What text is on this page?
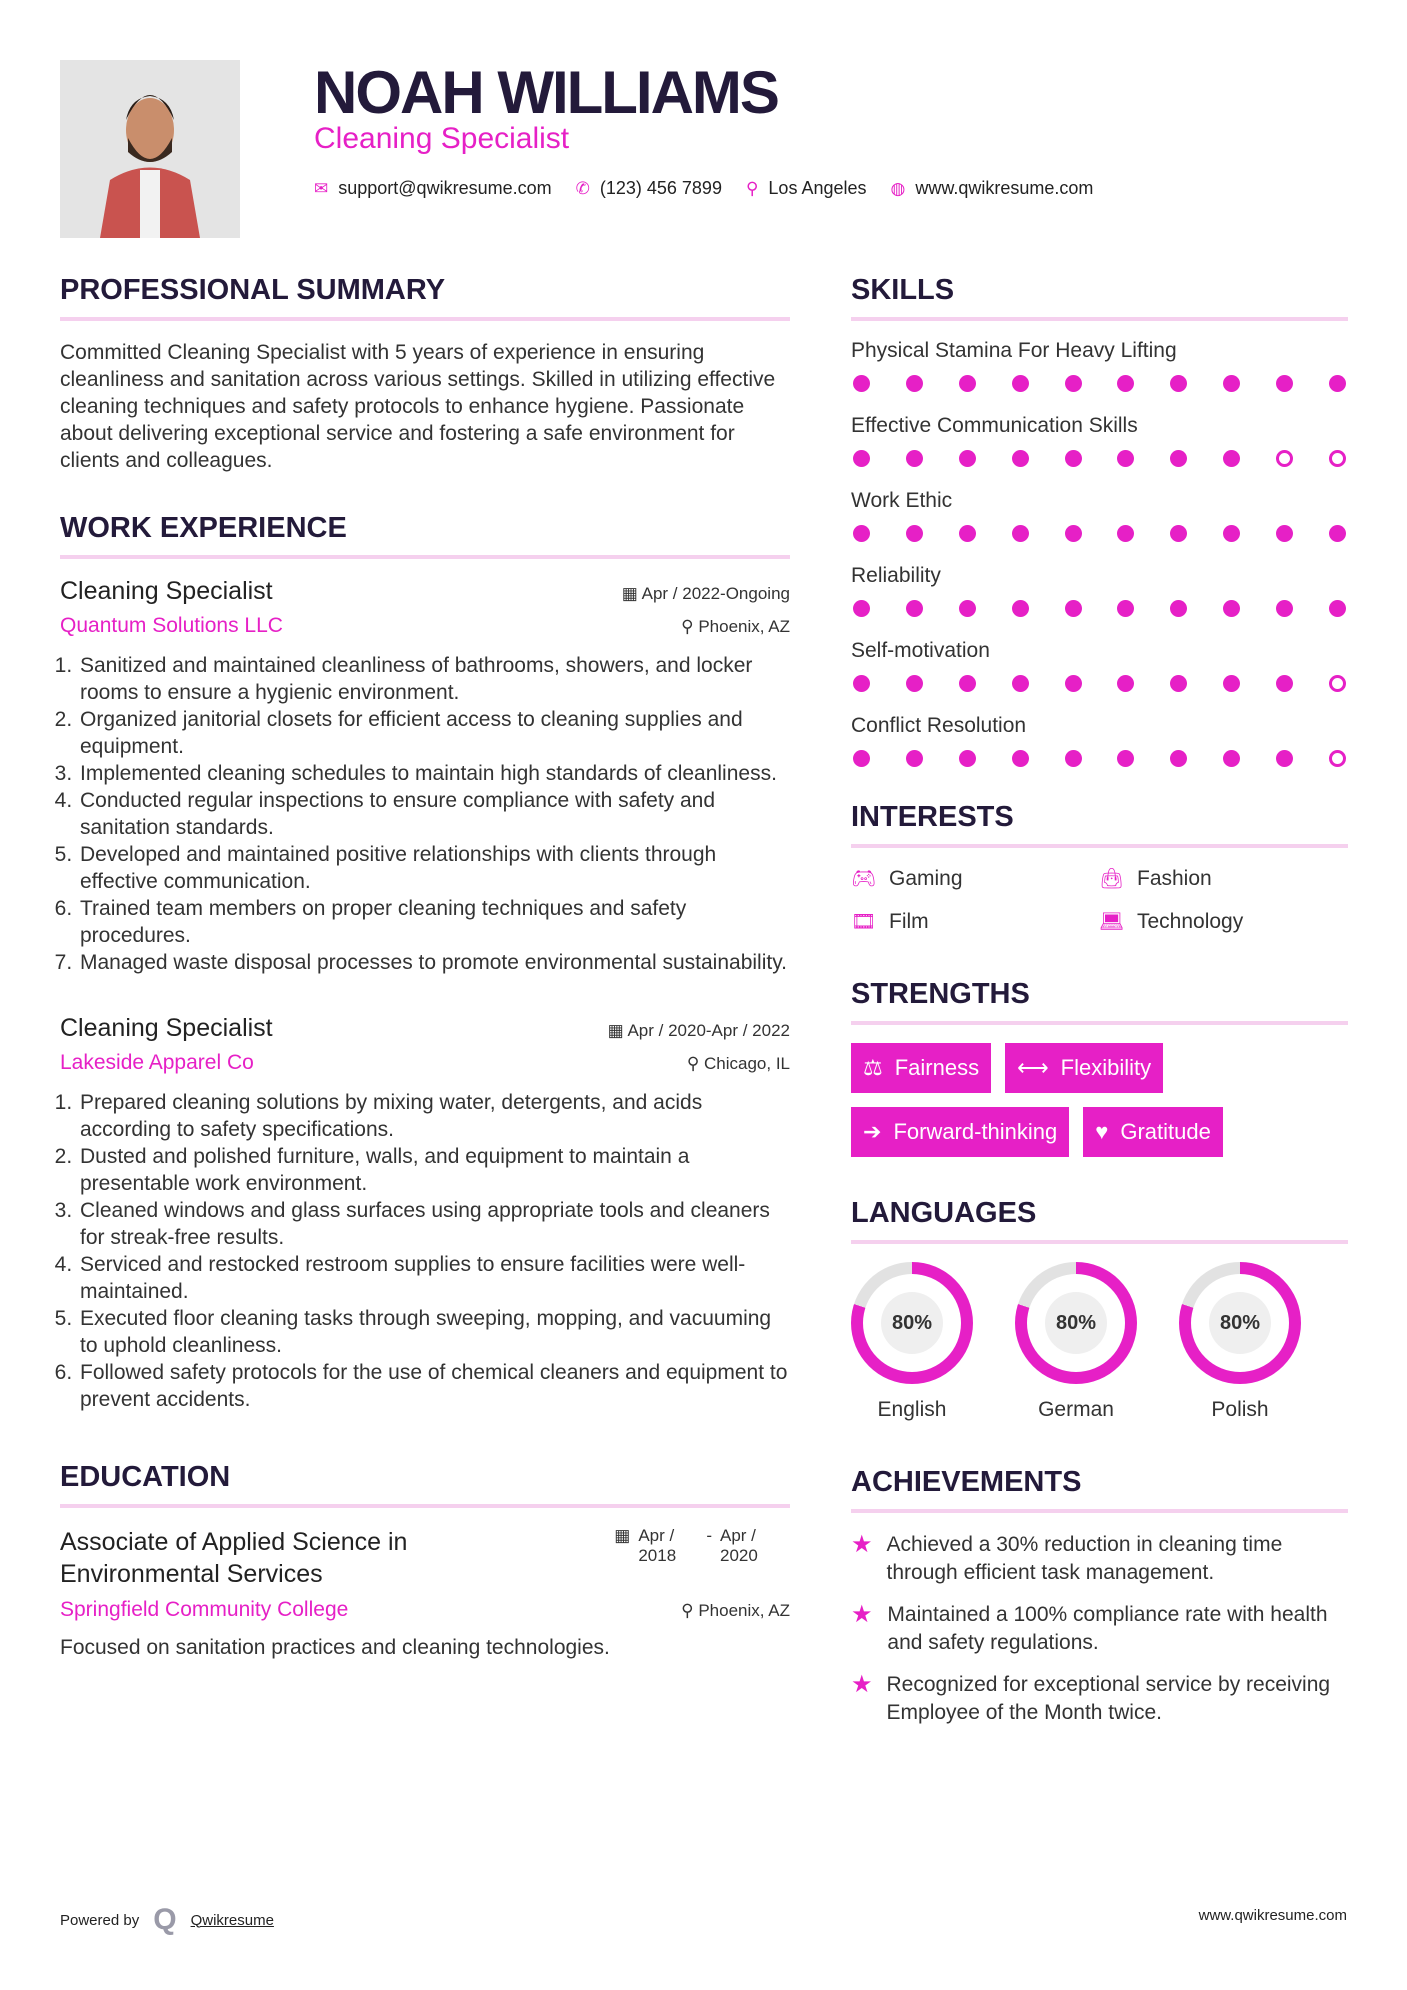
NOAH WILLIAMS
Cleaning Specialist
✉ support@qwikresume.com ✆ (123) 456 7899 ⚲ Los Angeles ◍ www.qwikresume.com
PROFESSIONAL SUMMARY

Committed Cleaning Specialist with 5 years of experience in ensuring cleanliness and sanitation across various settings. Skilled in utilizing effective cleaning techniques and safety protocols to enhance hygiene. Passionate about delivering exceptional service and fostering a safe environment for clients and colleagues.

WORK EXPERIENCE
Cleaning Specialist	▦ Apr / 2022-Ongoing
Quantum Solutions LLC	⚲ Phoenix, AZ
1. Sanitized and maintained cleanliness of bathrooms, showers, and locker rooms to ensure a hygienic environment.
2. Organized janitorial closets for efficient access to cleaning supplies and equipment.
3. Implemented cleaning schedules to maintain high standards of cleanliness.
4. Conducted regular inspections to ensure compliance with safety and sanitation standards.
5. Developed and maintained positive relationships with clients through effective communication.
6. Trained team members on proper cleaning techniques and safety procedures.
7. Managed waste disposal processes to promote environmental sustainability.
Cleaning Specialist	▦ Apr / 2020-Apr / 2022
Lakeside Apparel Co	⚲ Chicago, IL
1. Prepared cleaning solutions by mixing water, detergents, and acids according to safety specifications.
2. Dusted and polished furniture, walls, and equipment to maintain a presentable work environment.
3. Cleaned windows and glass surfaces using appropriate tools and cleaners for streak-free results.
4. Serviced and restocked restroom supplies to ensure facilities were well-maintained.
5. Executed floor cleaning tasks through sweeping, mopping, and vacuuming to uphold cleanliness.
6. Followed safety protocols for the use of chemical cleaners and equipment to prevent accidents.
EDUCATION
Associate of Applied Science in Environmental Services
▦ Apr / 2018
- Apr / 2020
Springfield Community College	⚲ Phoenix, AZ

Focused on sanitation practices and cleaning technologies.

SKILLS
Physical Stamina For Heavy Lifting
Effective Communication Skills
Work Ethic
Reliability
Self-motivation
Conflict Resolution
INTERESTS
🎮︎ Gaming	👜︎ Fashion
🎞︎ Film	💻︎ Technology
STRENGTHS
⚖ Fairness ⟷ Flexibility
➔ Forward-thinking ♥ Gratitude
LANGUAGES
80%
English
80%
German
80%
Polish
ACHIEVEMENTS
★ Achieved a 30% reduction in cleaning time through efficient task management.
★ Maintained a 100% compliance rate with health and safety regulations.
★ Recognized for exceptional service by receiving Employee of the Month twice.
Powered by Q Qwikresume	www.qwikresume.com
